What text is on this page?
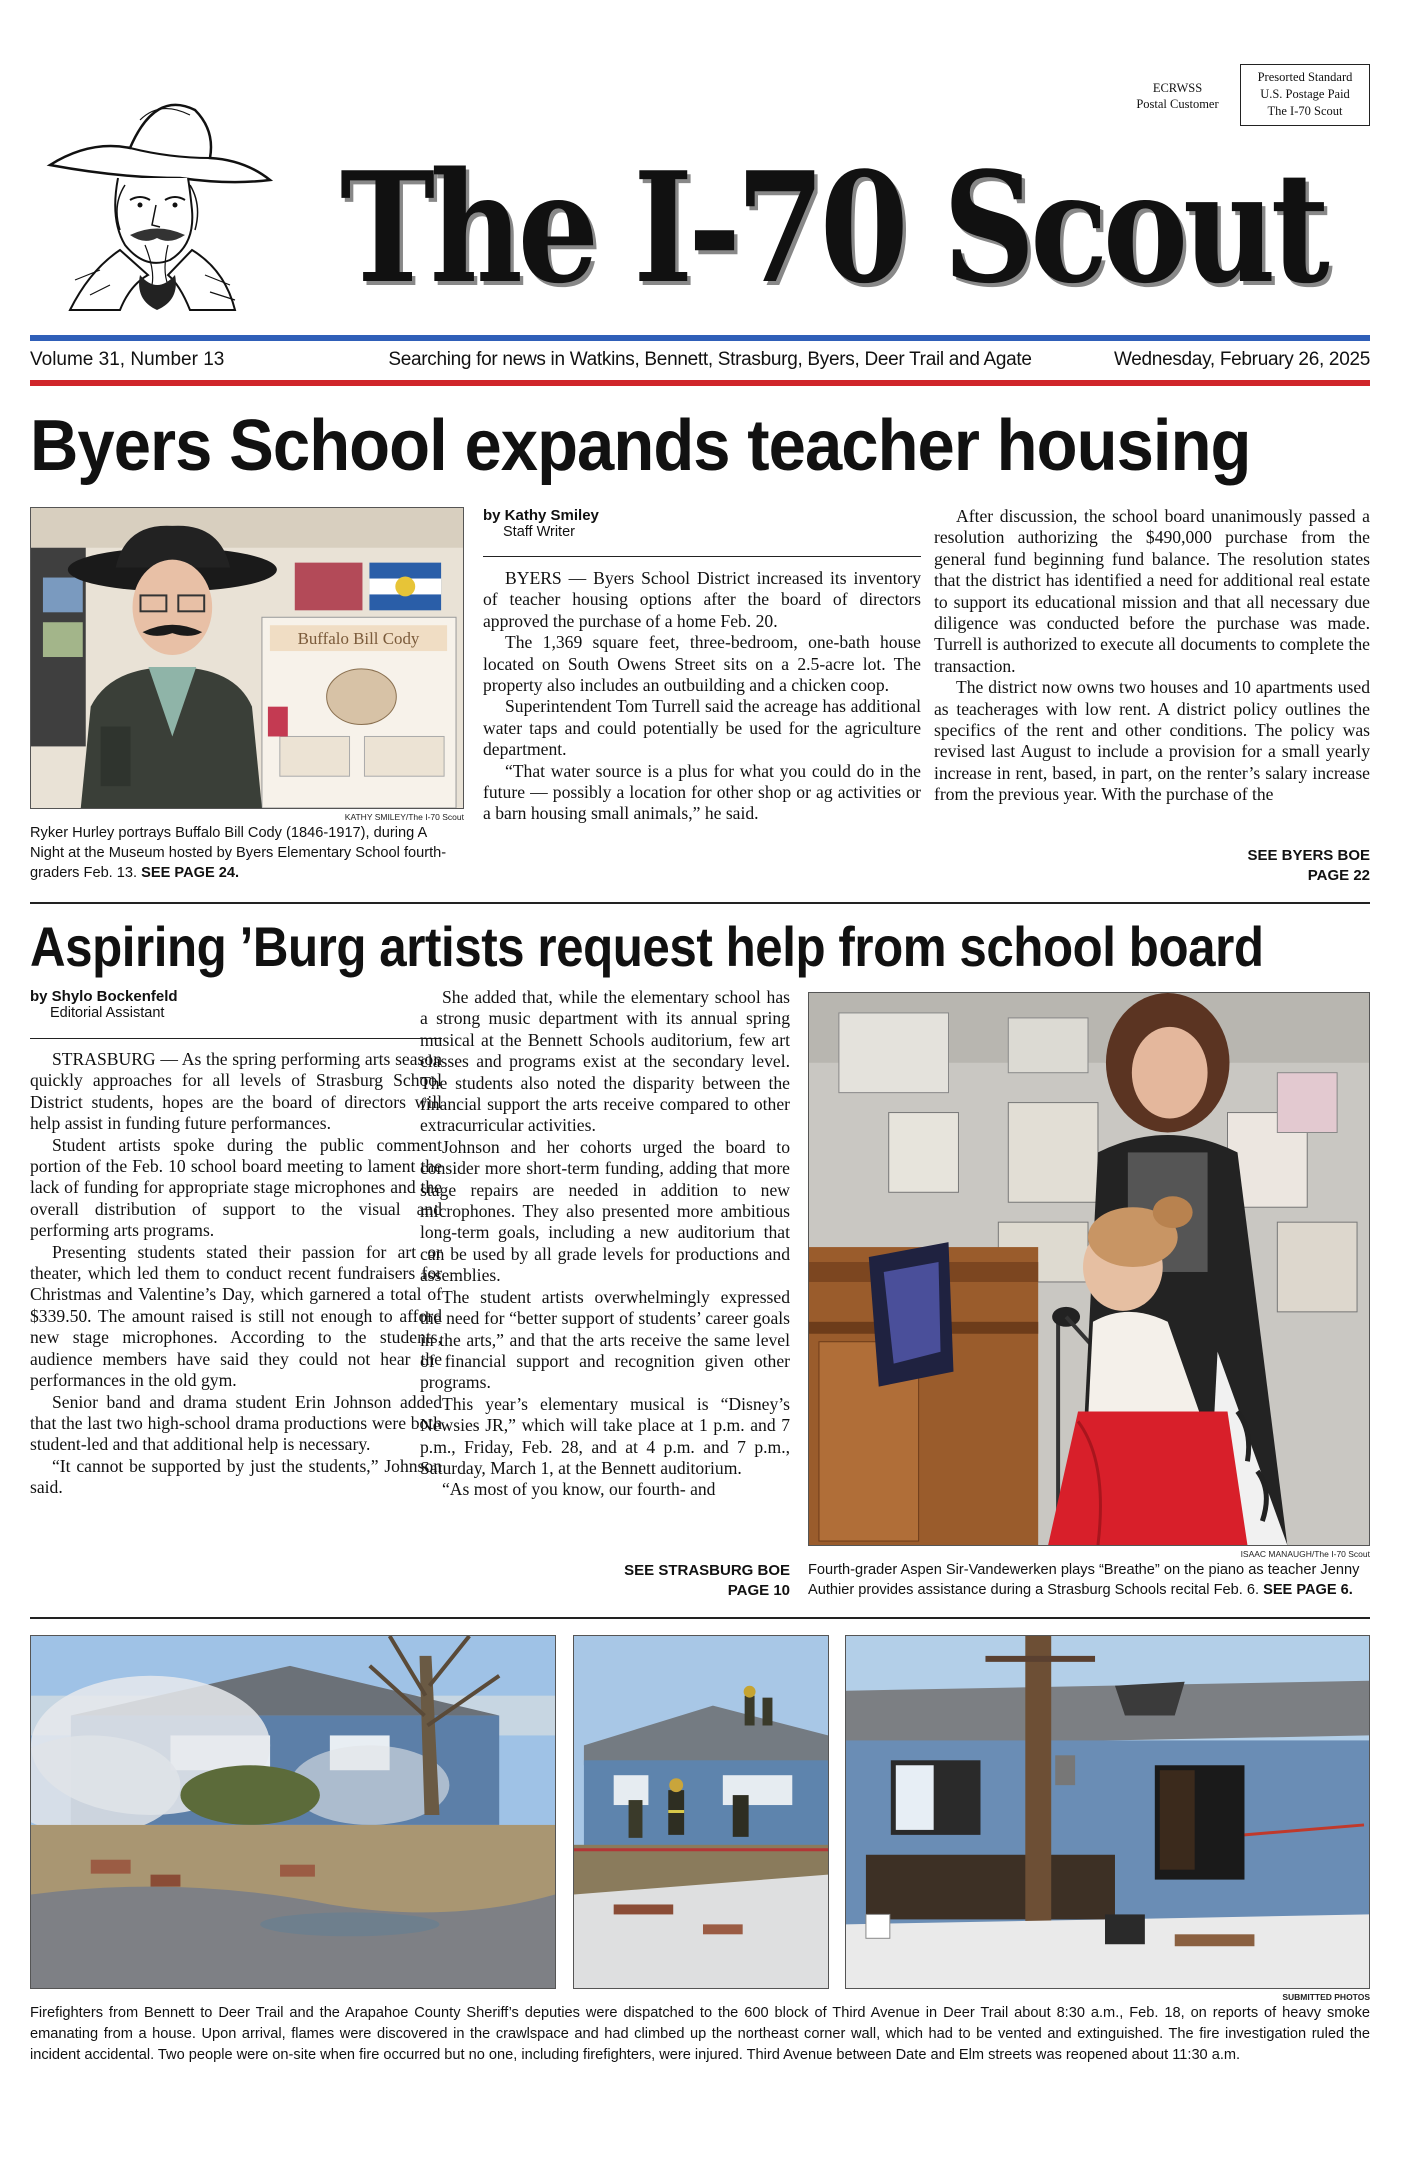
ECRWSS
Postal Customer
Presorted Standard
U.S. Postage Paid
The I-70 Scout
The I-70 Scout
Volume 31, Number 13	Searching for news in Watkins, Bennett, Strasburg, Byers, Deer Trail and Agate	Wednesday, February 26, 2025
Byers School expands teacher housing
Buffalo Bill Cody
KATHY SMILEY/The I-70 Scout
Ryker Hurley portrays Buffalo Bill Cody (1846-1917), during A Night at the Museum hosted by Byers Elementary School fourth-graders Feb. 13. SEE PAGE 24.
by Kathy Smiley
Staff Writer

BYERS — Byers School District increased its inventory of teacher housing options after the board of directors approved the purchase of a home Feb. 20.

The 1,369 square feet, three-bedroom, one-bath house located on South Owens Street sits on a 2.5-acre lot. The property also includes an outbuilding and a chicken coop.

Superintendent Tom Turrell said the acreage has additional water taps and could potentially be used for the agriculture department.

“That water source is a plus for what you could do in the future — possibly a location for other shop or ag activities or a barn housing small animals,” he said.

After discussion, the school board unanimously passed a resolution authorizing the $490,000 purchase from the general fund beginning fund balance. The resolution states that the district has identified a need for additional real estate to support its educational mission and that all necessary due diligence was conducted before the purchase was made. Turrell is authorized to execute all documents to complete the transaction.

The district now owns two houses and 10 apartments used as teacherages with low rent. A district policy outlines the specifics of the rent and other conditions. The policy was revised last August to include a provision for a small yearly increase in rent, based, in part, on the renter’s salary increase from the previous year. With the purchase of the

SEE BYERS BOE
PAGE 22
Aspiring ’Burg artists request help from school board
by Shylo Bockenfeld
Editorial Assistant

STRASBURG — As the spring performing arts season quickly approaches for all levels of Strasburg School District students, hopes are the board of directors will help assist in funding future performances.

Student artists spoke during the public comment portion of the Feb. 10 school board meeting to lament the lack of funding for appropriate stage microphones and the overall distribution of support to the visual and performing arts programs.

Presenting students stated their passion for art or theater, which led them to conduct recent fundraisers for Christmas and Valentine’s Day, which garnered a total of $339.50. The amount raised is still not enough to afford new stage microphones. According to the students, audience members have said they could not hear the performances in the old gym.

Senior band and drama student Erin Johnson added that the last two high-school drama productions were both student-led and that additional help is necessary.

“It cannot be supported by just the students,” Johnson said.

She added that, while the elementary school has a strong music department with its annual spring musical at the Bennett Schools auditorium, few art classes and programs exist at the secondary level. The students also noted the disparity between the financial support the arts receive compared to other extracurricular activities.

Johnson and her cohorts urged the board to consider more short-term funding, adding that more stage repairs are needed in addition to new microphones. They also presented more ambitious long-term goals, including a new auditorium that can be used by all grade levels for productions and assemblies.

The student artists overwhelmingly expressed the need for “better support of students’ career goals in the arts,” and that the arts receive the same level of financial support and recognition given other programs.

This year’s elementary musical is “Disney’s Newsies JR,” which will take place at 1 p.m. and 7 p.m., Friday, Feb. 28, and at 4 p.m. and 7 p.m., Saturday, March 1, at the Bennett auditorium.

“As most of you know, our fourth- and

SEE STRASBURG BOE
PAGE 10
ISAAC MANAUGH/The I-70 Scout
Fourth-grader Aspen Sir-Vandewerken plays “Breathe” on the piano as teacher Jenny Authier provides assistance during a Strasburg Schools recital Feb. 6. SEE PAGE 6.
SUBMITTED PHOTOS
Firefighters from Bennett to Deer Trail and the Arapahoe County Sheriff’s deputies were dispatched to the 600 block of Third Avenue in Deer Trail about 8:30 a.m., Feb. 18, on reports of heavy smoke emanating from a house. Upon arrival, flames were discovered in the crawlspace and had climbed up the northeast corner wall, which had to be vented and extinguished. The fire investigation ruled the incident accidental. Two people were on-site when fire occurred but no one, including firefighters, were injured. Third Avenue between Date and Elm streets was reopened about 11:30 a.m.
